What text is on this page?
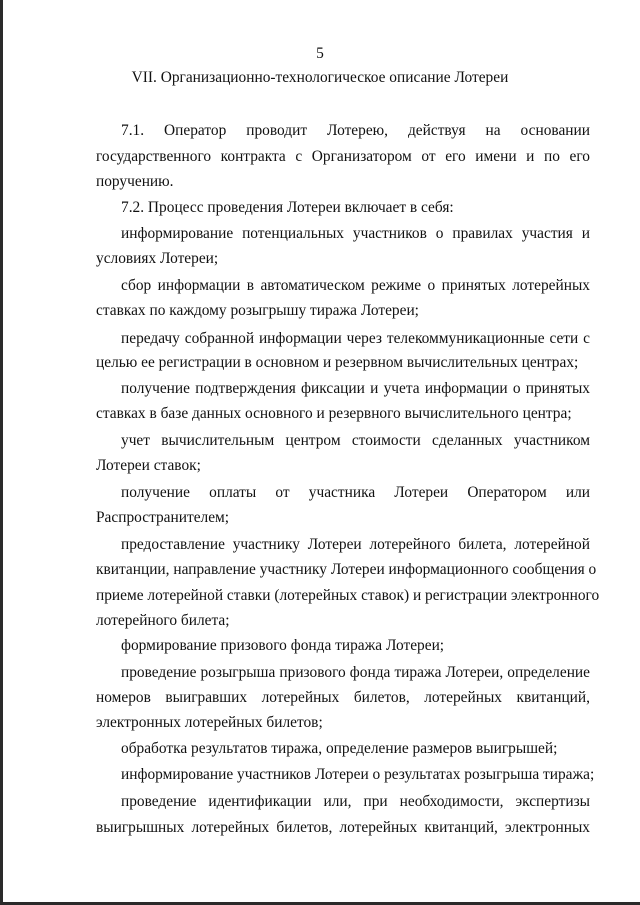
5
VII. Организационно-технологическое описание Лотереи
7.1. Оператор проводит Лотерею, действуя на основании
государственного контракта с Организатором от его имени и по его
поручению.
7.2. Процесс проведения Лотереи включает в себя:
информирование потенциальных участников о правилах участия и
условиях Лотереи;
сбор информации в автоматическом режиме о принятых лотерейных
ставках по каждому розыгрышу тиража Лотереи;
передачу собранной информации через телекоммуникационные сети с
целью ее регистрации в основном и резервном вычислительных центрах;
получение подтверждения фиксации и учета информации о принятых
ставках в базе данных основного и резервного вычислительного центра;
учет вычислительным центром стоимости сделанных участником
Лотереи ставок;
получение оплаты от участника Лотереи Оператором или
Распространителем;
предоставление участнику Лотереи лотерейного билета, лотерейной
квитанции, направление участнику Лотереи информационного сообщения о
приеме лотерейной ставки (лотерейных ставок) и регистрации электронного
лотерейного билета;
формирование призового фонда тиража Лотереи;
проведение розыгрыша призового фонда тиража Лотереи, определение
номеров выигравших лотерейных билетов, лотерейных квитанций,
электронных лотерейных билетов;
обработка результатов тиража, определение размеров выигрышей;
информирование участников Лотереи о результатах розыгрыша тиража;
проведение идентификации или, при необходимости, экспертизы
выигрышных лотерейных билетов, лотерейных квитанций, электронных
